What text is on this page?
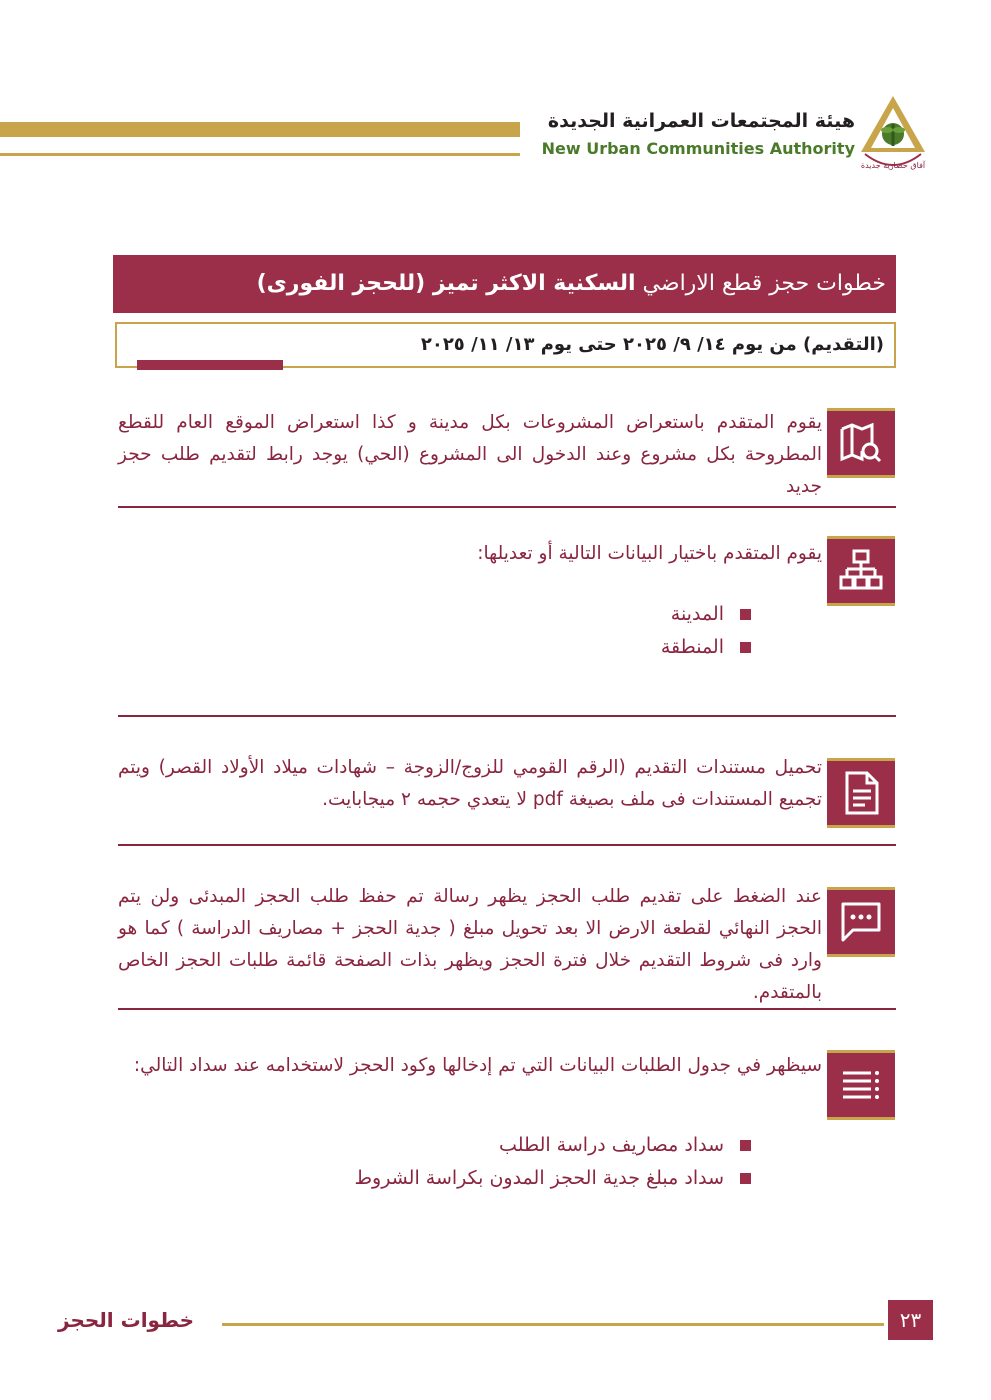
هيئة المجتمعات العمرانية الجديدة
New Urban Communities Authority
آفاق حضارية جديدة
خطوات حجز قطع الاراضي السكنية الاكثر تميز (للحجز الفورى)
(التقديم) من يوم ١٤/ ٩/ ٢٠٢٥ حتى يوم ١٣/ ١١/ ٢٠٢٥
يقوم المتقدم باستعراض المشروعات بكل مدينة و كذا استعراض الموقع العام للقطع المطروحة بكل مشروع وعند الدخول الى المشروع (الحي) يوجد رابط لتقديم طلب حجز جديد
يقوم المتقدم باختيار البيانات التالية أو تعديلها:
المدينة
المنطقة
تحميل مستندات التقديم (الرقم القومي للزوج/الزوجة – شهادات ميلاد الأولاد القصر) ويتم تجميع المستندات فى ملف بصيغة pdf لا يتعدي حجمه ٢ ميجابايت.
عند الضغط على تقديم طلب الحجز يظهر رسالة تم حفظ طلب الحجز المبدئى ولن يتم الحجز النهائي لقطعة الارض الا بعد تحويل مبلغ ( جدية الحجز + مصاريف الدراسة ) كما هو وارد فى شروط التقديم خلال فترة الحجز ويظهر بذات الصفحة قائمة طلبات الحجز الخاص بالمتقدم.
سيظهر في جدول الطلبات البيانات التي تم إدخالها وكود الحجز لاستخدامه عند سداد التالي:
سداد مصاريف دراسة الطلب
سداد مبلغ جدية الحجز المدون بكراسة الشروط
٢٣
خطوات الحجز
